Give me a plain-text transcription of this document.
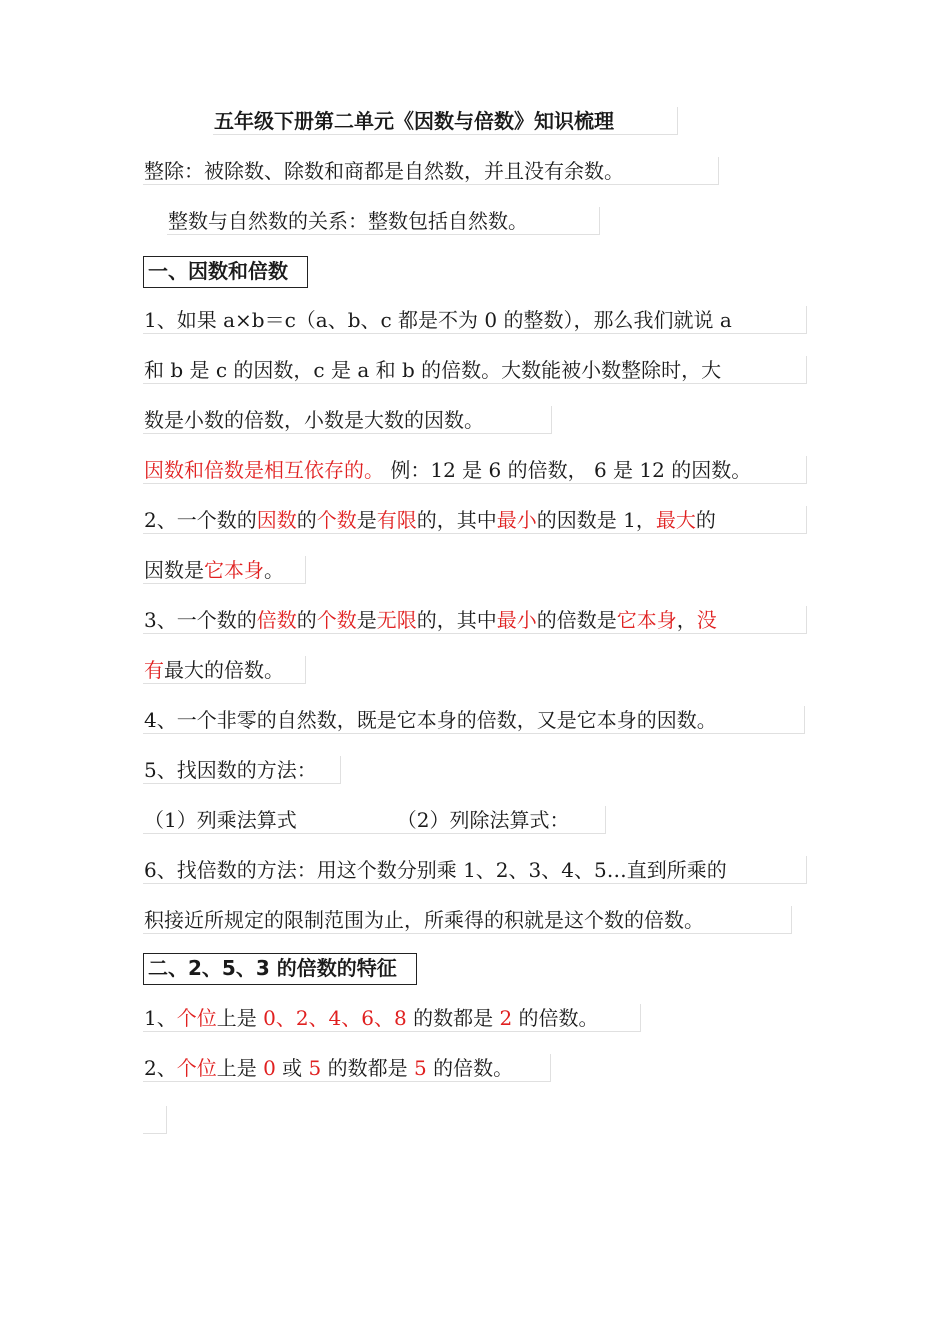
五年级下册第二单元《因数与倍数》知识梳理
整除：被除数、除数和商都是自然数，并且没有余数。
整数与自然数的关系：整数包括自然数。
一、因数和倍数
1、如果 a×b＝c（a、b、c 都是不为 0 的整数），那么我们就说 a
和 b 是 c 的因数，c 是 a 和 b 的倍数。大数能被小数整除时，大
数是小数的倍数，小数是大数的因数。
因数和倍数是相互依存的。 例：12 是 6 的倍数， 6 是 12 的因数。
2、一个数的因数的个数是有限的，其中最小的因数是 1，最大的
因数是它本身。
3、一个数的倍数的个数是无限的，其中最小的倍数是它本身，没
有最大的倍数。
4、一个非零的自然数，既是它本身的倍数，又是它本身的因数。
5、找因数的方法：
（1）列乘法算式	（2）列除法算式：
6、找倍数的方法：用这个数分别乘 1、2、3、4、5…直到所乘的
积接近所规定的限制范围为止，所乘得的积就是这个数的倍数。
二、2、5、3 的倍数的特征
1、个位上是 0、2、4、6、8 的数都是 2 的倍数。
2、个位上是 0 或 5 的数都是 5 的倍数。
